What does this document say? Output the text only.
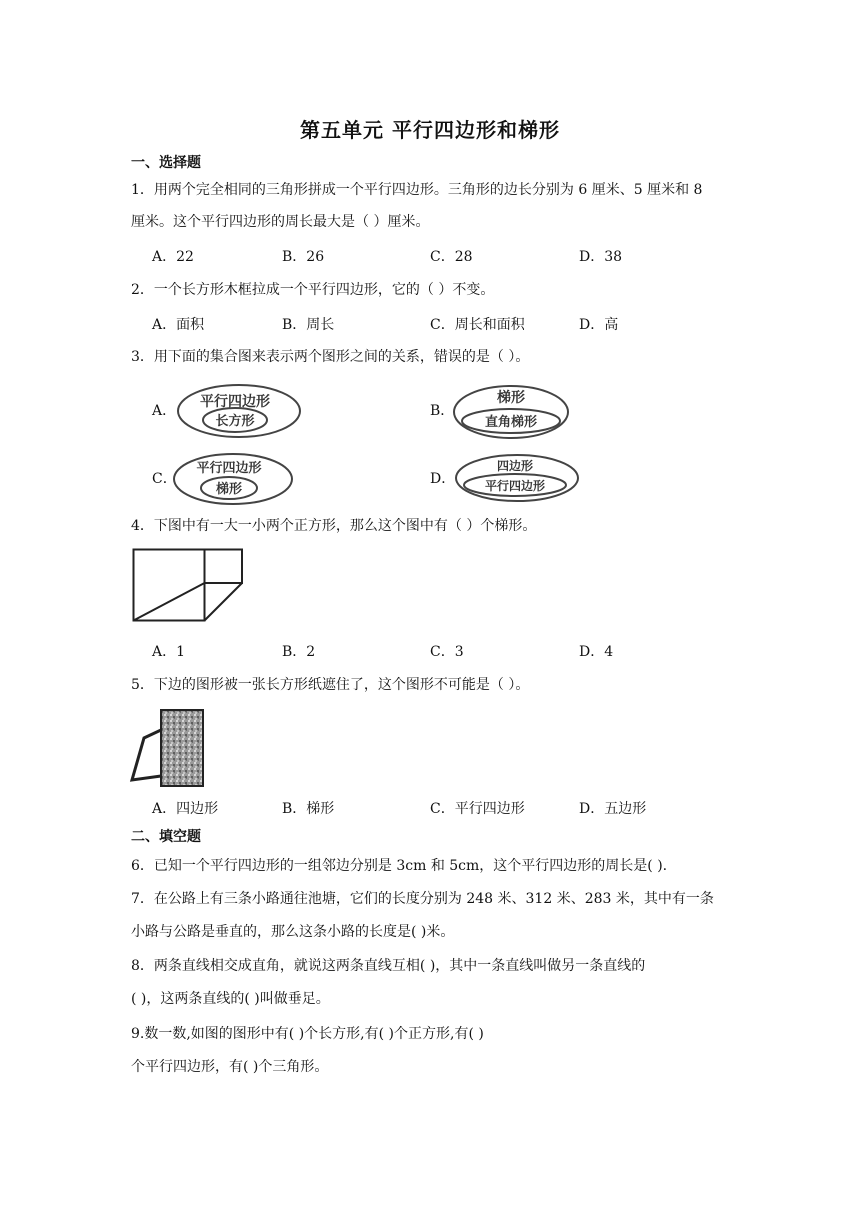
第五单元 平行四边形和梯形
一、选择题
1．用两个完全相同的三角形拼成一个平行四边形。三角形的边长分别为 6 厘米、5 厘米和 8
厘米。这个平行四边形的周长最大是（ ）厘米。
A．22	B．26	C．28	D．38
2．一个长方形木框拉成一个平行四边形，它的（ ）不变。
A．面积	B．周长	C．周长和面积	D．高
3．用下面的集合图来表示两个图形之间的关系，错误的是（ ）。
A．
平行四边形
长方形
B．
梯形
直角梯形
C．
平行四边形
梯形
D．
四边形
平行四边形
4．下图中有一大一小两个正方形，那么这个图中有（ ）个梯形。
A．1	B．2	C．3	D．4
5．下边的图形被一张长方形纸遮住了，这个图形不可能是（ ）。
A．四边形	B．梯形	C．平行四边形	D．五边形
二、填空题
6．已知一个平行四边形的一组邻边分别是 3cm 和 5cm，这个平行四边形的周长是( ).
7．在公路上有三条小路通往池塘，它们的长度分别为 248 米、312 米、283 米，其中有一条
小路与公路是垂直的，那么这条小路的长度是( )米。
8．两条直线相交成直角，就说这两条直线互相( )，其中一条直线叫做另一条直线的
( )，这两条直线的( )叫做垂足。
9.数一数,如图的图形中有( )个长方形,有( )个正方形,有( )
个平行四边形，有( )个三角形。
